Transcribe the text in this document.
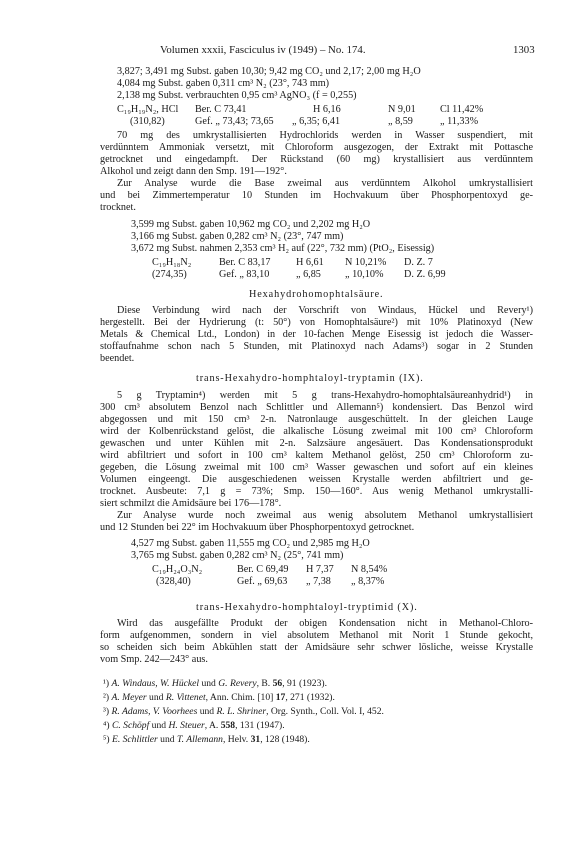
Volumen xxxii, Fasciculus iv (1949) – No. 174.	1303
3,827; 3,491 mg Subst. gaben 10,30; 9,42 mg CO₂ und 2,17; 2,00 mg H₂O
4,084 mg Subst. gaben 0,311 cm³ N₂ (23°, 743 mm)
2,138 mg Subst. verbrauchten 0,95 cm³ AgNO₃ (f = 0,255)
C₁₉H₁₉N₂, HCl Ber. C 73,41	H 6,16	N 9,01 Cl 11,42%
(310,82)	Gef. „ 73,43; 73,65 „ 6,35; 6,41	„ 8,59	„ 11,33%
70 mg des umkrystallisierten Hydrochlorids werden in Wasser suspendiert, mit
verdünntem Ammoniak versetzt, mit Chloroform ausgezogen, der Extrakt mit Pottasche
getrocknet und eingedampft. Der Rückstand (60 mg) krystallisiert aus verdünntem
Alkohol und zeigt dann den Smp. 191—192°.
Zur Analyse wurde die Base zweimal aus verdünntem Alkohol umkrystallisiert
und bei Zimmertemperatur 10 Stunden im Hochvakuum über Phosphorpentoxyd ge-
trocknet.
3,599 mg Subst. gaben 10,962 mg CO₂ und 2,202 mg H₂O
3,166 mg Subst. gaben 0,282 cm³ N₂ (23°, 747 mm)
3,672 mg Subst. nahmen 2,353 cm³ H₂ auf (22°, 732 mm) (PtO₂, Eisessig)
C₁₉H₁₈N₂	Ber. C 83,17 H 6,61 N 10,21% D. Z. 7
(274,35)	Gef. „ 83,10	„ 6,85 „ 10,10% D. Z. 6,99
Hexahydrohomophtalsäure.
Diese Verbindung wird nach der Vorschrift von Windaus, Hückel und Revery¹)
hergestellt. Bei der Hydrierung (t: 50°) von Homophtalsäure²) mit 10% Platinoxyd (New
Metals & Chemical Ltd., London) in der 10-fachen Menge Eisessig ist jedoch die Wasser-
stoffaufnahme schon nach 5 Stunden, mit Platinoxyd nach Adams³) sogar in 2 Stunden
beendet.
trans-Hexahydro-homphtaloyl-tryptamin (IX).
5 g Tryptamin⁴) werden mit 5 g trans-Hexahydro-homophtalsäureanhydrid¹) in
300 cm³ absolutem Benzol nach Schlittler und Allemann⁵) kondensiert. Das Benzol wird
abgegossen und mit 150 cm³ 2-n. Natronlauge ausgeschüttelt. In der gleichen Lauge
wird der Kolbenrückstand gelöst, die alkalische Lösung zweimal mit 100 cm³ Chloroform
gewaschen und unter Kühlen mit 2-n. Salzsäure angesäuert. Das Kondensationsprodukt
wird abfiltriert und sofort in 100 cm³ kaltem Methanol gelöst, 250 cm³ Chloroform zu-
gegeben, die Lösung zweimal mit 100 cm³ Wasser gewaschen und sofort auf ein kleines
Volumen eingeengt. Die ausgeschiedenen weissen Krystalle werden abfiltriert und ge-
trocknet. Ausbeute: 7,1 g = 73%; Smp. 150—160°. Aus wenig Methanol umkrystalli-
siert schmilzt die Amidsäure bei 176—178°.
Zur Analyse wurde noch zweimal aus wenig absolutem Methanol umkrystallisiert
und 12 Stunden bei 22° im Hochvakuum über Phosphorpentoxyd getrocknet.
4,527 mg Subst. gaben 11,555 mg CO₂ und 2,985 mg H₂O
3,765 mg Subst. gaben 0,282 cm³ N₂ (25°, 741 mm)
C₁₉H₂₄O₃N₂	Ber. C 69,49 H 7,37 N 8,54%
(328,40)	Gef. „ 69,63 „ 7,38 „ 8,37%
trans-Hexahydro-homphtaloyl-tryptimid (X).
Wird das ausgefällte Produkt der obigen Kondensation nicht in Methanol-Chloro-
form aufgenommen, sondern in viel absolutem Methanol mit Norit 1 Stunde gekocht,
so scheiden sich beim Abkühlen statt der Amidsäure sehr schwer lösliche, weisse Krystalle
vom Smp. 242—243° aus.
¹) A. Windaus, W. Hückel und G. Revery, B. 56, 91 (1923).
²) A. Meyer und R. Vittenet, Ann. Chim. [10] 17, 271 (1932).
³) R. Adams, V. Voorhees und R. L. Shriner, Org. Synth., Coll. Vol. I, 452.
⁴) C. Schöpf und H. Steuer, A. 558, 131 (1947).
⁵) E. Schlittler und T. Allemann, Helv. 31, 128 (1948).
